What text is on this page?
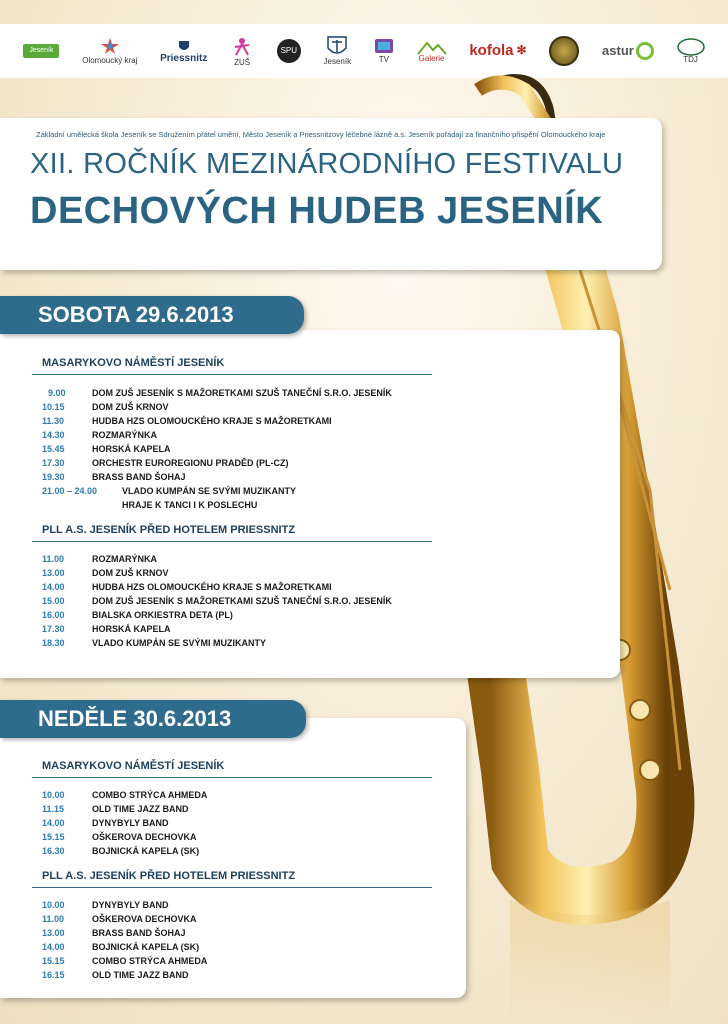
Jeseník
Olomoucký kraj Priessnitz	ZUŠ
SPU
Jeseník	TV	Galerie kofola ✻	astur
TDJ
Základní umělecká škola Jeseník se Sdružením přátel umění, Město Jeseník a Priessnitzovy léčebné lázně a.s. Jeseník pořádají za finančního přispění Olomouckého kraje
XII. ROČNÍK MEZINÁRODNÍHO FESTIVALU
DECHOVÝCH HUDEB JESENÍK
SOBOTA 29.6.2013
MASARYKOVO NÁMĚSTÍ JESENÍK
9.00	DOM ZUŠ JESENÍK S MAŽORETKAMI SZUŠ TANEČNÍ S.R.O. JESENÍK
10.15	DOM ZUŠ KRNOV
11.30	HUDBA HZS OLOMOUCKÉHO KRAJE S MAŽORETKAMI
14.30	ROZMARÝNKA
15.45	HORSKÁ KAPELA
17.30	ORCHESTR EUROREGIONU PRADĚD (PL-CZ)
19.30	BRASS BAND ŠOHAJ
21.00 – 24.00	VLADO KUMPÁN SE SVÝMI MUZIKANTY
HRAJE K TANCI I K POSLECHU
PLL A.S. JESENÍK PŘED HOTELEM PRIESSNITZ
11.00	ROZMARÝNKA
13.00	DOM ZUŠ KRNOV
14.00	HUDBA HZS OLOMOUCKÉHO KRAJE S MAŽORETKAMI
15.00	DOM ZUŠ JESENÍK S MAŽORETKAMI SZUŠ TANEČNÍ S.R.O. JESENÍK
16.00	BIALSKA ORKIESTRA DETA (PL)
17.30	HORSKÁ KAPELA
18.30	VLADO KUMPÁN SE SVÝMI MUZIKANTY
NEDĚLE 30.6.2013
MASARYKOVO NÁMĚSTÍ JESENÍK
10.00	COMBO STRÝCA AHMEDA
11.15	OLD TIME JAZZ BAND
14.00	DYNYBYLY BAND
15.15	OŠKEROVA DECHOVKA
16.30	BOJNICKÁ KAPELA (SK)
PLL A.S. JESENÍK PŘED HOTELEM PRIESSNITZ
10.00	DYNYBYLY BAND
11.00	OŠKEROVA DECHOVKA
13.00	BRASS BAND ŠOHAJ
14.00	BOJNICKÁ KAPELA (SK)
15.15	COMBO STRÝCA AHMEDA
16.15	OLD TIME JAZZ BAND
